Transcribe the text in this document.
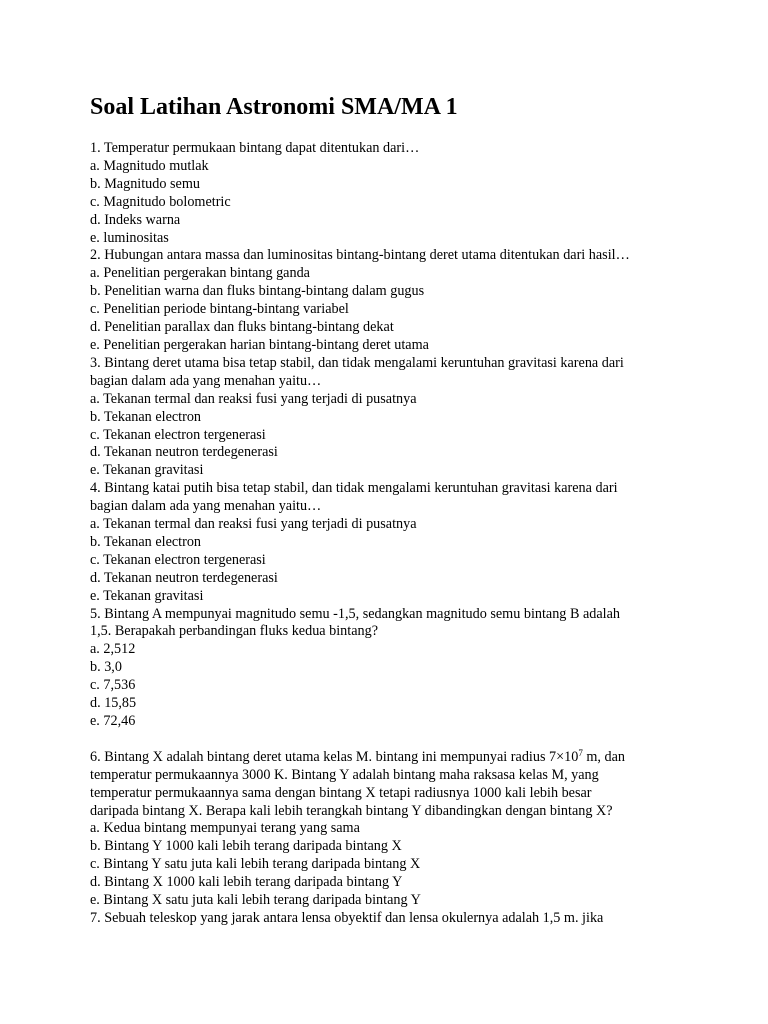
Soal Latihan Astronomi SMA/MA 1
1. Temperatur permukaan bintang dapat ditentukan dari…
a. Magnitudo mutlak
b. Magnitudo semu
c. Magnitudo bolometric
d. Indeks warna
e. luminositas
2. Hubungan antara massa dan luminositas bintang-bintang deret utama ditentukan dari hasil…
a. Penelitian pergerakan bintang ganda
b. Penelitian warna dan fluks bintang-bintang dalam gugus
c. Penelitian periode bintang-bintang variabel
d. Penelitian parallax dan fluks bintang-bintang dekat
e. Penelitian pergerakan harian bintang-bintang deret utama
3. Bintang deret utama bisa tetap stabil, dan tidak mengalami keruntuhan gravitasi karena dari
bagian dalam ada yang menahan yaitu…
a. Tekanan termal dan reaksi fusi yang terjadi di pusatnya
b. Tekanan electron
c. Tekanan electron tergenerasi
d. Tekanan neutron terdegenerasi
e. Tekanan gravitasi
4. Bintang katai putih bisa tetap stabil, dan tidak mengalami keruntuhan gravitasi karena dari
bagian dalam ada yang menahan yaitu…
a. Tekanan termal dan reaksi fusi yang terjadi di pusatnya
b. Tekanan electron
c. Tekanan electron tergenerasi
d. Tekanan neutron terdegenerasi
e. Tekanan gravitasi
5. Bintang A mempunyai magnitudo semu -1,5, sedangkan magnitudo semu bintang B adalah
1,5. Berapakah perbandingan fluks kedua bintang?
a. 2,512
b. 3,0
c. 7,536
d. 15,85
e. 72,46
6. Bintang X adalah bintang deret utama kelas M. bintang ini mempunyai radius $7\times 10^7$ m, dan
temperatur permukaannya 3000 K. Bintang Y adalah bintang maha raksasa kelas M, yang
temperatur permukaannya sama dengan bintang X tetapi radiusnya 1000 kali lebih besar
daripada bintang X. Berapa kali lebih terangkah bintang Y dibandingkan dengan bintang X?
a. Kedua bintang mempunyai terang yang sama
b. Bintang Y 1000 kali lebih terang daripada bintang X
c. Bintang Y satu juta kali lebih terang daripada bintang X
d. Bintang X 1000 kali lebih terang daripada bintang Y
e. Bintang X satu juta kali lebih terang daripada bintang Y
7. Sebuah teleskop yang jarak antara lensa obyektif dan lensa okulernya adalah 1,5 m. jika
